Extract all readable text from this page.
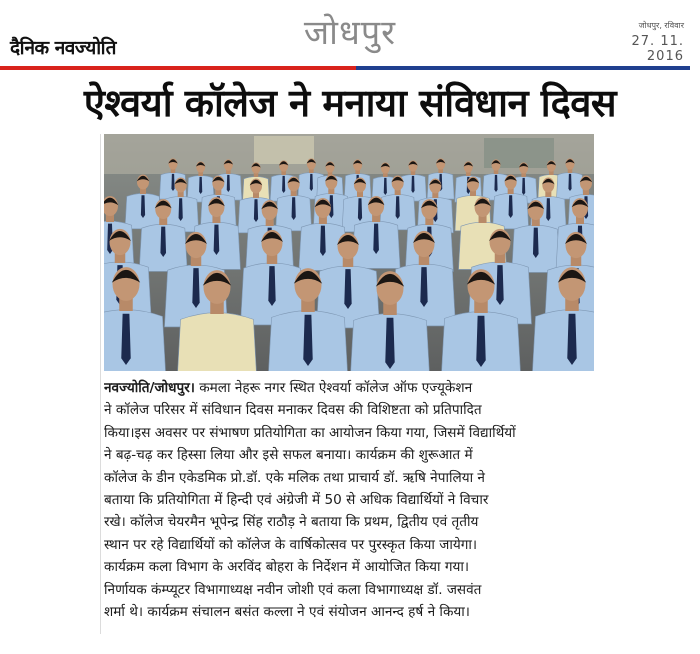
दैनिक नवज्योति	जोधपुर	जोधपुर, रविवार
27. 11. 2016
ऐश्वर्या कॉलेज ने मनाया संविधान दिवस
नवज्योति/जोधपुर। कमला नेहरू नगर स्थित ऐश्वर्या कॉलेज ऑफ एज्यूकेशन
ने कॉलेज परिसर में संविधान दिवस मनाकर दिवस की विशिष्टता को प्रतिपादित
किया।इस अवसर पर संभाषण प्रतियोगिता का आयोजन किया गया, जिसमें विद्यार्थियों
ने बढ़-चढ़ कर हिस्सा लिया और इसे सफल बनाया। कार्यक्रम की शुरूआत में
कॉलेज के डीन एकेडमिक प्रो.डॉ. एके मलिक तथा प्राचार्य डॉ. ऋषि नेपालिया ने
बताया कि प्रतियोगिता में हिन्दी एवं अंग्रेजी में 50 से अधिक विद्यार्थियों ने विचार
रखे। कॉलेज चेयरमैन भूपेन्द्र सिंह राठौड़ ने बताया कि प्रथम, द्वितीय एवं तृतीय
स्थान पर रहे विद्यार्थियों को कॉलेज के वार्षिकोत्सव पर पुरस्कृत किया जायेगा।
कार्यक्रम कला विभाग के अरविंद बोहरा के निर्देशन में आयोजित किया गया।
निर्णायक कंम्प्यूटर विभागाध्यक्ष नवीन जोशी एवं कला विभागाध्यक्ष डॉ. जसवंत
शर्मा थे। कार्यक्रम संचालन बसंत कल्ला ने एवं संयोजन आनन्द हर्ष ने किया।
